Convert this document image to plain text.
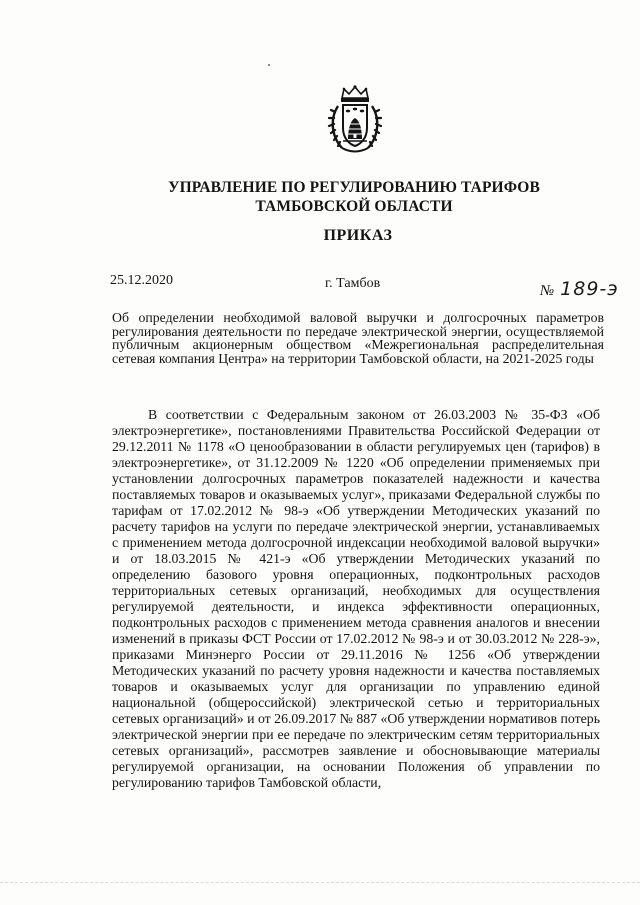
УПРАВЛЕНИЕ ПО РЕГУЛИРОВАНИЮ ТАРИФОВ
ТАМБОВСКОЙ ОБЛАСТИ
ПРИКАЗ
25.12.2020	г. Тамбов	№ 189-э
Об определении необходимой валовой выручки и долгосрочных параметров регулирования деятельности по передаче электрической энергии, осуществляемой публичным акционерным обществом «Межрегиональная распределительная сетевая компания Центра» на территории Тамбовской области, на 2021-2025 годы
В соответствии с Федеральным законом от 26.03.2003 № 35-ФЗ «Об электроэнергетике», постановлениями Правительства Российской Федерации от 29.12.2011 № 1178 «О ценообразовании в области регулируемых цен (тарифов) в электроэнергетике», от 31.12.2009 № 1220 «Об определении применяемых при установлении долгосрочных параметров показателей надежности и качества поставляемых товаров и оказываемых услуг», приказами Федеральной службы по тарифам от 17.02.2012 № 98-э «Об утверждении Методических указаний по расчету тарифов на услуги по передаче электрической энергии, устанавливаемых с применением метода долгосрочной индексации необходимой валовой выручки» и от 18.03.2015 № 421-э «Об утверждении Методических указаний по определению базового уровня операционных, подконтрольных расходов территориальных сетевых организаций, необходимых для осуществления регулируемой деятельности, и индекса эффективности операционных, подконтрольных расходов с применением метода сравнения аналогов и внесении изменений в приказы ФСТ России от 17.02.2012 № 98-э и от 30.03.2012 № 228-э», приказами Минэнерго России от 29.11.2016 № 1256 «Об утверждении Методических указаний по расчету уровня надежности и качества поставляемых товаров и оказываемых услуг для организации по управлению единой национальной (общероссийской) электрической сетью и территориальных сетевых организаций» и от 26.09.2017 № 887 «Об утверждении нормативов потерь электрической энергии при ее передаче по электрическим сетям территориальных сетевых организаций», рассмотрев заявление и обосновывающие материалы регулируемой организации, на основании Положения об управлении по регулированию тарифов Тамбовской области,
